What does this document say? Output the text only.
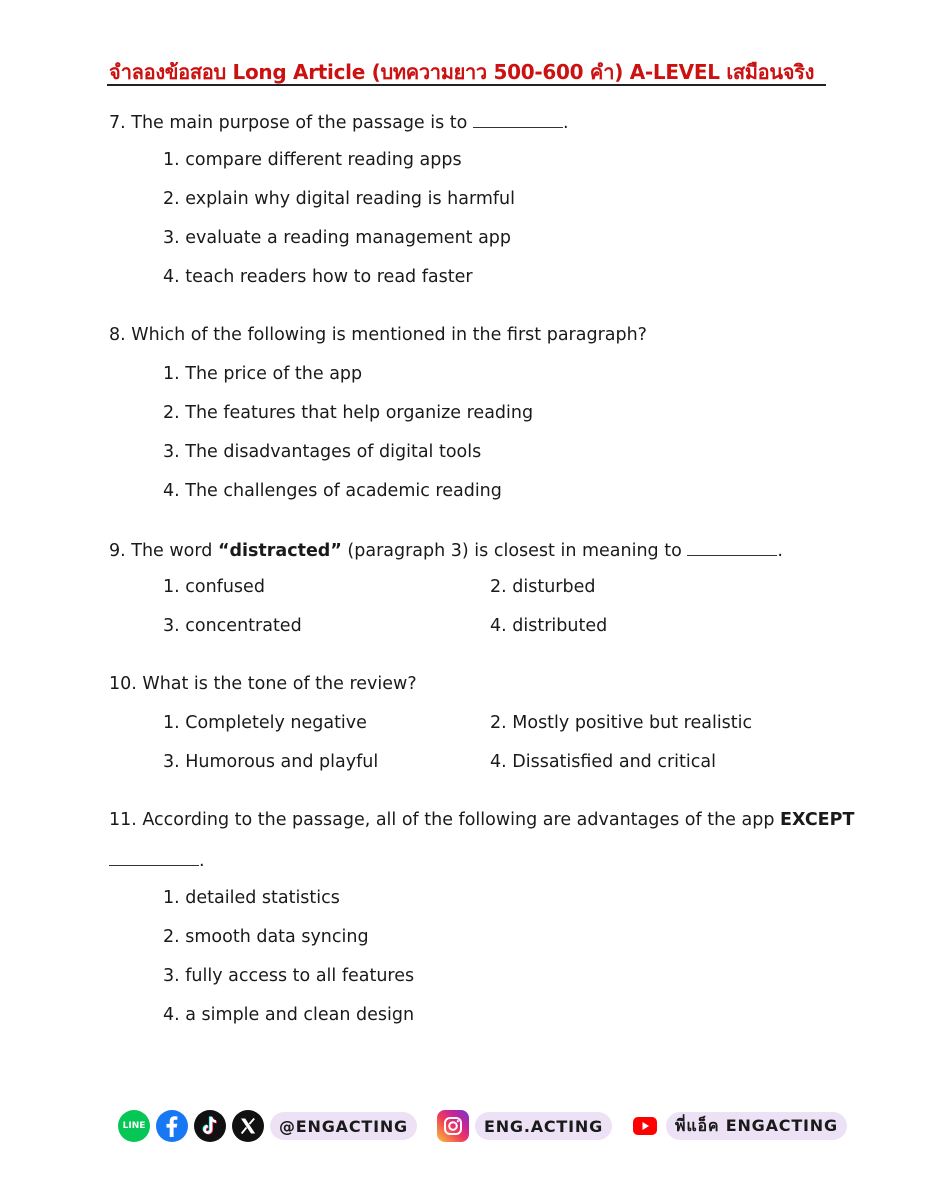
จำลองข้อสอบ Long Article (บทความยาว 500-600 คำ) A-LEVEL เสมือนจริง
7. The main purpose of the passage is to	.
1. compare different reading apps
2. explain why digital reading is harmful
3. evaluate a reading management app
4. teach readers how to read faster
8. Which of the following is mentioned in the first paragraph?
1. The price of the app
2. The features that help organize reading
3. The disadvantages of digital tools
4. The challenges of academic reading
9. The word “distracted” (paragraph 3) is closest in meaning to	.
1. confused	2. disturbed
3. concentrated	4. distributed
10. What is the tone of the review?
1. Completely negative	2. Mostly positive but realistic
3. Humorous and playful	4. Dissatisfied and critical
11. According to the passage, all of the following are advantages of the app EXCEPT
.
1. detailed statistics
2. smooth data syncing
3. fully access to all features
4. a simple and clean design
LINE	@ENGACTING	ENG.ACTING	พี่แอ็ค ENGACTING
